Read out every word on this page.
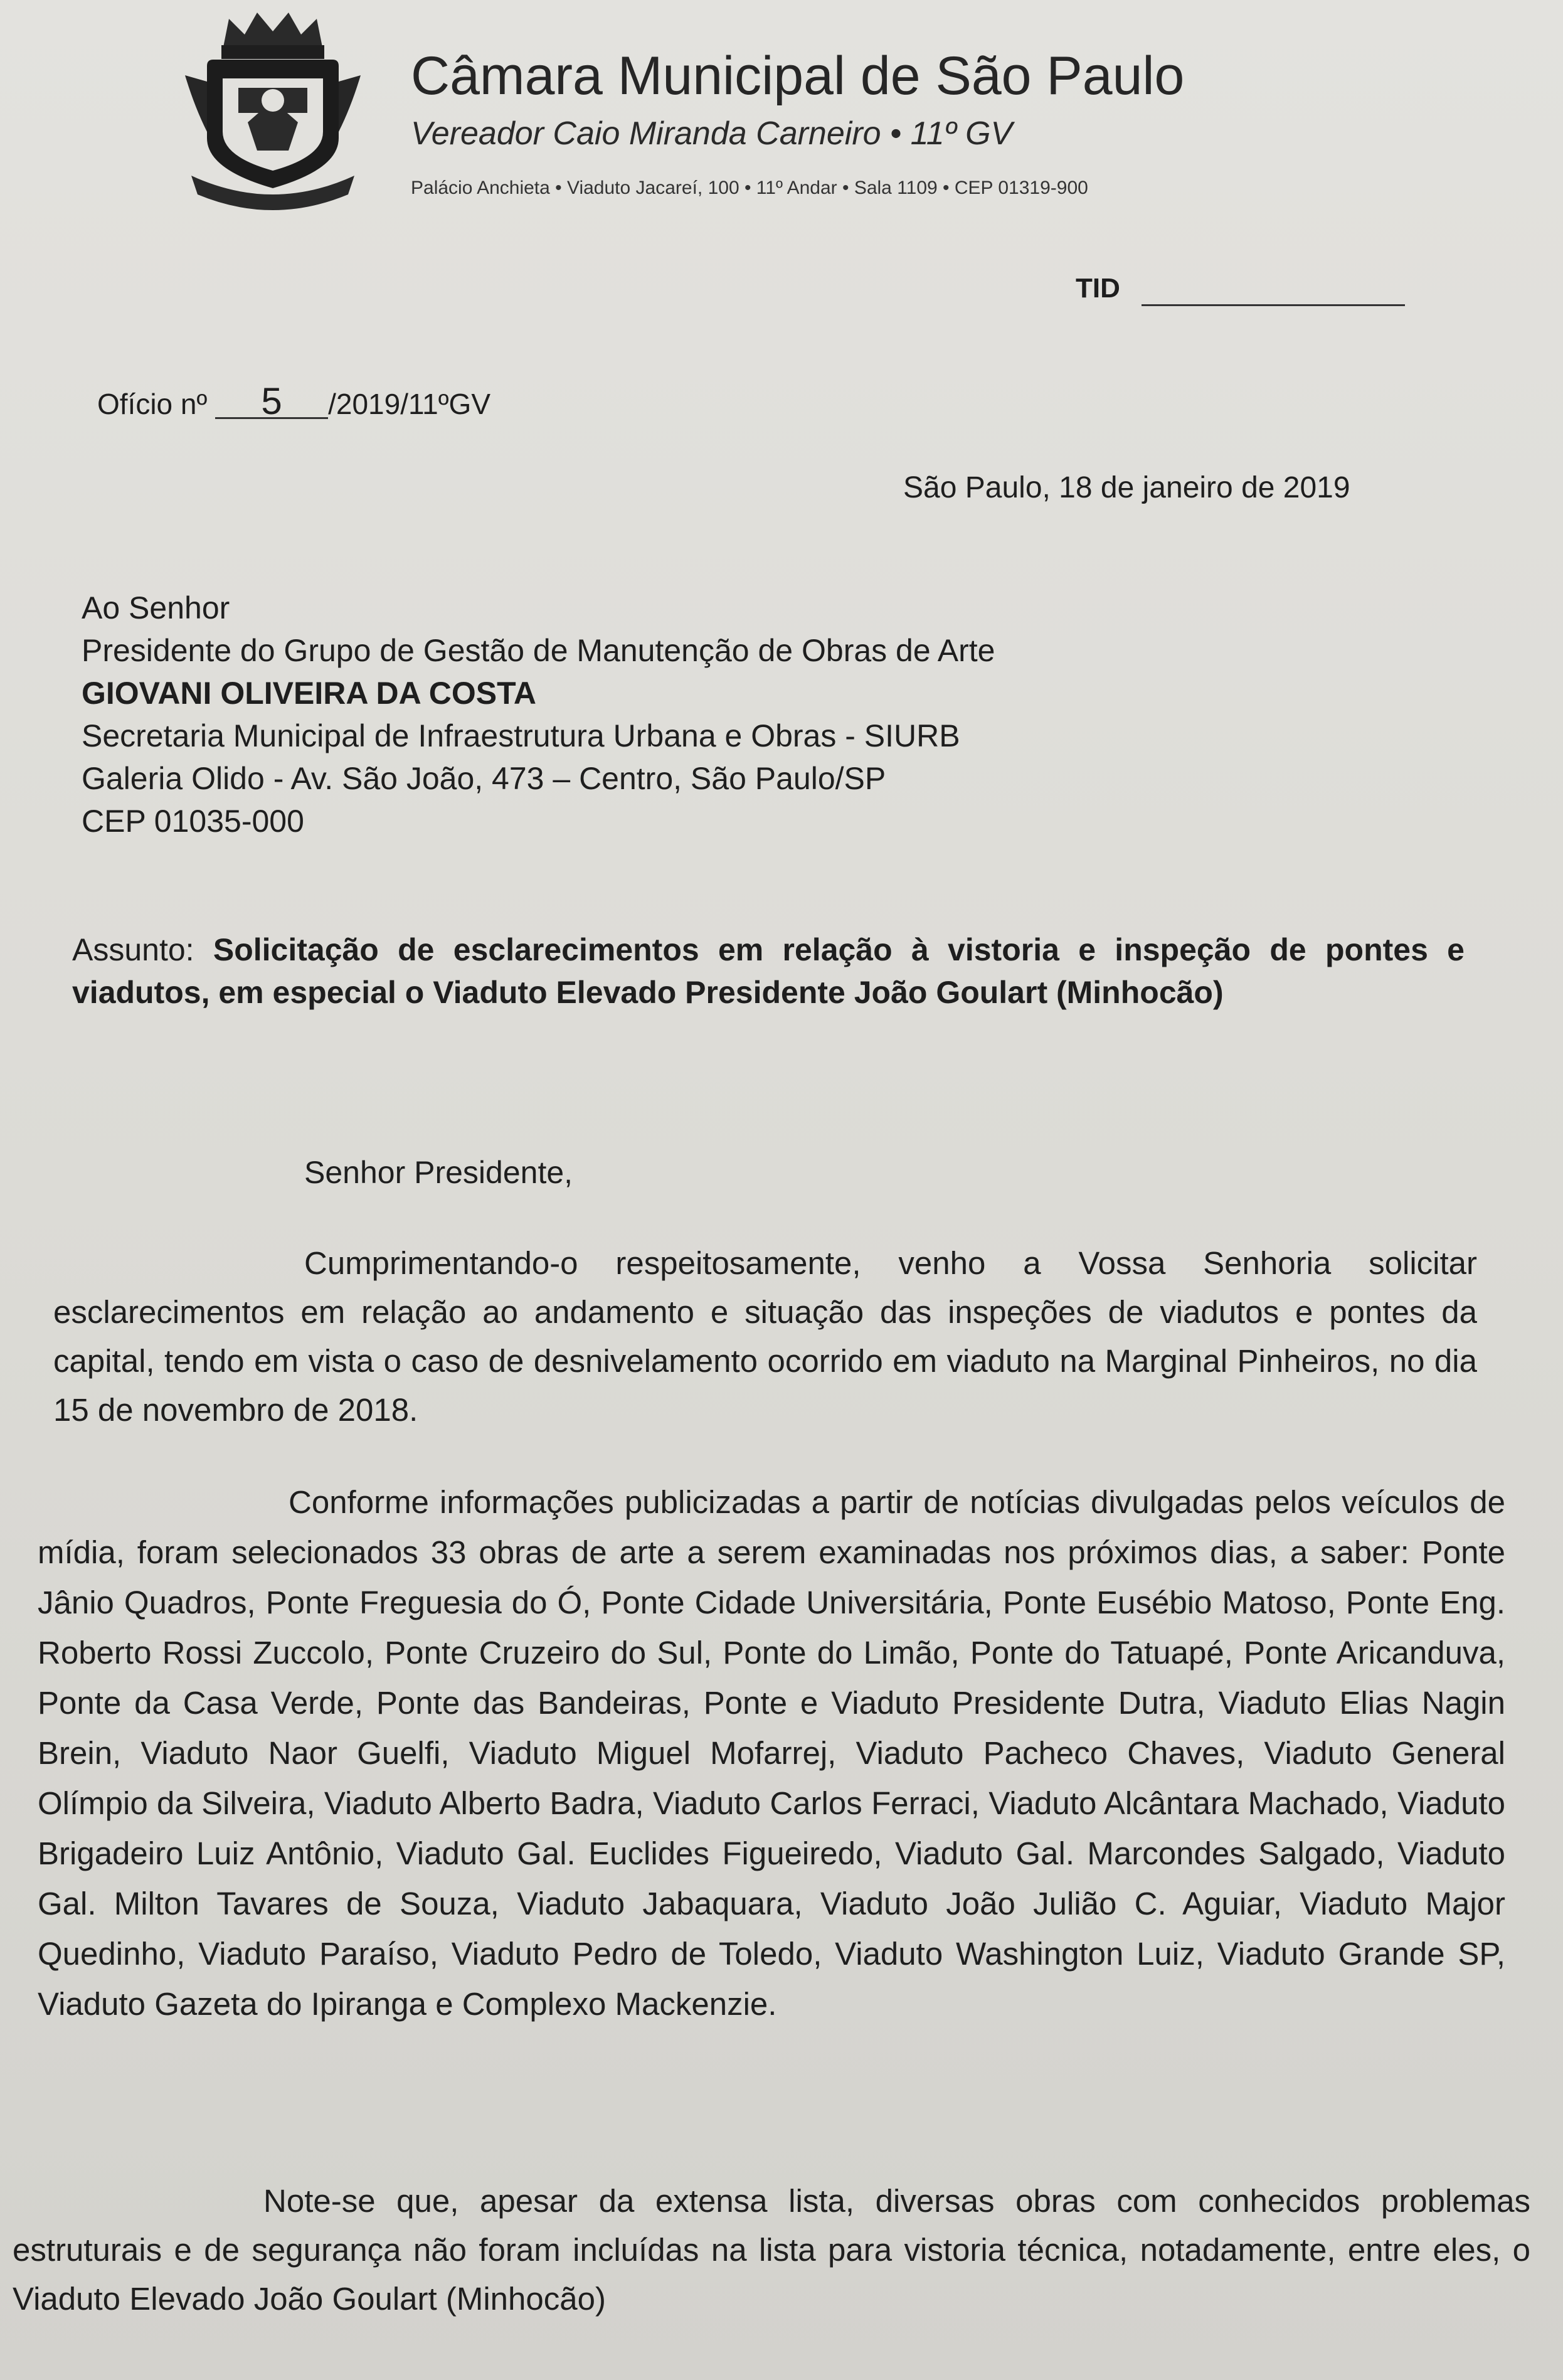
Câmara Municipal de São Paulo
Vereador Caio Miranda Carneiro • 11º GV
Palácio Anchieta • Viaduto Jacareí, 100 • 11º Andar • Sala 1109 • CEP 01319-900
TID
Ofício nº 5 /2019/11ºGV
São Paulo, 18 de janeiro de 2019
Ao Senhor
Presidente do Grupo de Gestão de Manutenção de Obras de Arte
GIOVANI OLIVEIRA DA COSTA
Secretaria Municipal de Infraestrutura Urbana e Obras - SIURB
Galeria Olido - Av. São João, 473 – Centro, São Paulo/SP
CEP 01035-000
Assunto: Solicitação de esclarecimentos em relação à vistoria e inspeção de pontes e viadutos, em especial o Viaduto Elevado Presidente João Goulart (Minhocão)
Senhor Presidente,
Cumprimentando-o respeitosamente, venho a Vossa Senhoria solicitar esclarecimentos em relação ao andamento e situação das inspeções de viadutos e pontes da capital, tendo em vista o caso de desnivelamento ocorrido em viaduto na Marginal Pinheiros, no dia 15 de novembro de 2018.
Conforme informações publicizadas a partir de notícias divulgadas pelos veículos de mídia, foram selecionados 33 obras de arte a serem examinadas nos próximos dias, a saber: Ponte Jânio Quadros, Ponte Freguesia do Ó, Ponte Cidade Universitária, Ponte Eusébio Matoso, Ponte Eng. Roberto Rossi Zuccolo, Ponte Cruzeiro do Sul, Ponte do Limão, Ponte do Tatuapé, Ponte Aricanduva, Ponte da Casa Verde, Ponte das Bandeiras, Ponte e Viaduto Presidente Dutra, Viaduto Elias Nagin Brein, Viaduto Naor Guelfi, Viaduto Miguel Mofarrej, Viaduto Pacheco Chaves, Viaduto General Olímpio da Silveira, Viaduto Alberto Badra, Viaduto Carlos Ferraci, Viaduto Alcântara Machado, Viaduto Brigadeiro Luiz Antônio, Viaduto Gal. Euclides Figueiredo, Viaduto Gal. Marcondes Salgado, Viaduto Gal. Milton Tavares de Souza, Viaduto Jabaquara, Viaduto João Julião C. Aguiar, Viaduto Major Quedinho, Viaduto Paraíso, Viaduto Pedro de Toledo, Viaduto Washington Luiz, Viaduto Grande SP, Viaduto Gazeta do Ipiranga e Complexo Mackenzie.
Note-se que, apesar da extensa lista, diversas obras com conhecidos problemas estruturais e de segurança não foram incluídas na lista para vistoria técnica, notadamente, entre eles, o Viaduto Elevado João Goulart (Minhocão)
